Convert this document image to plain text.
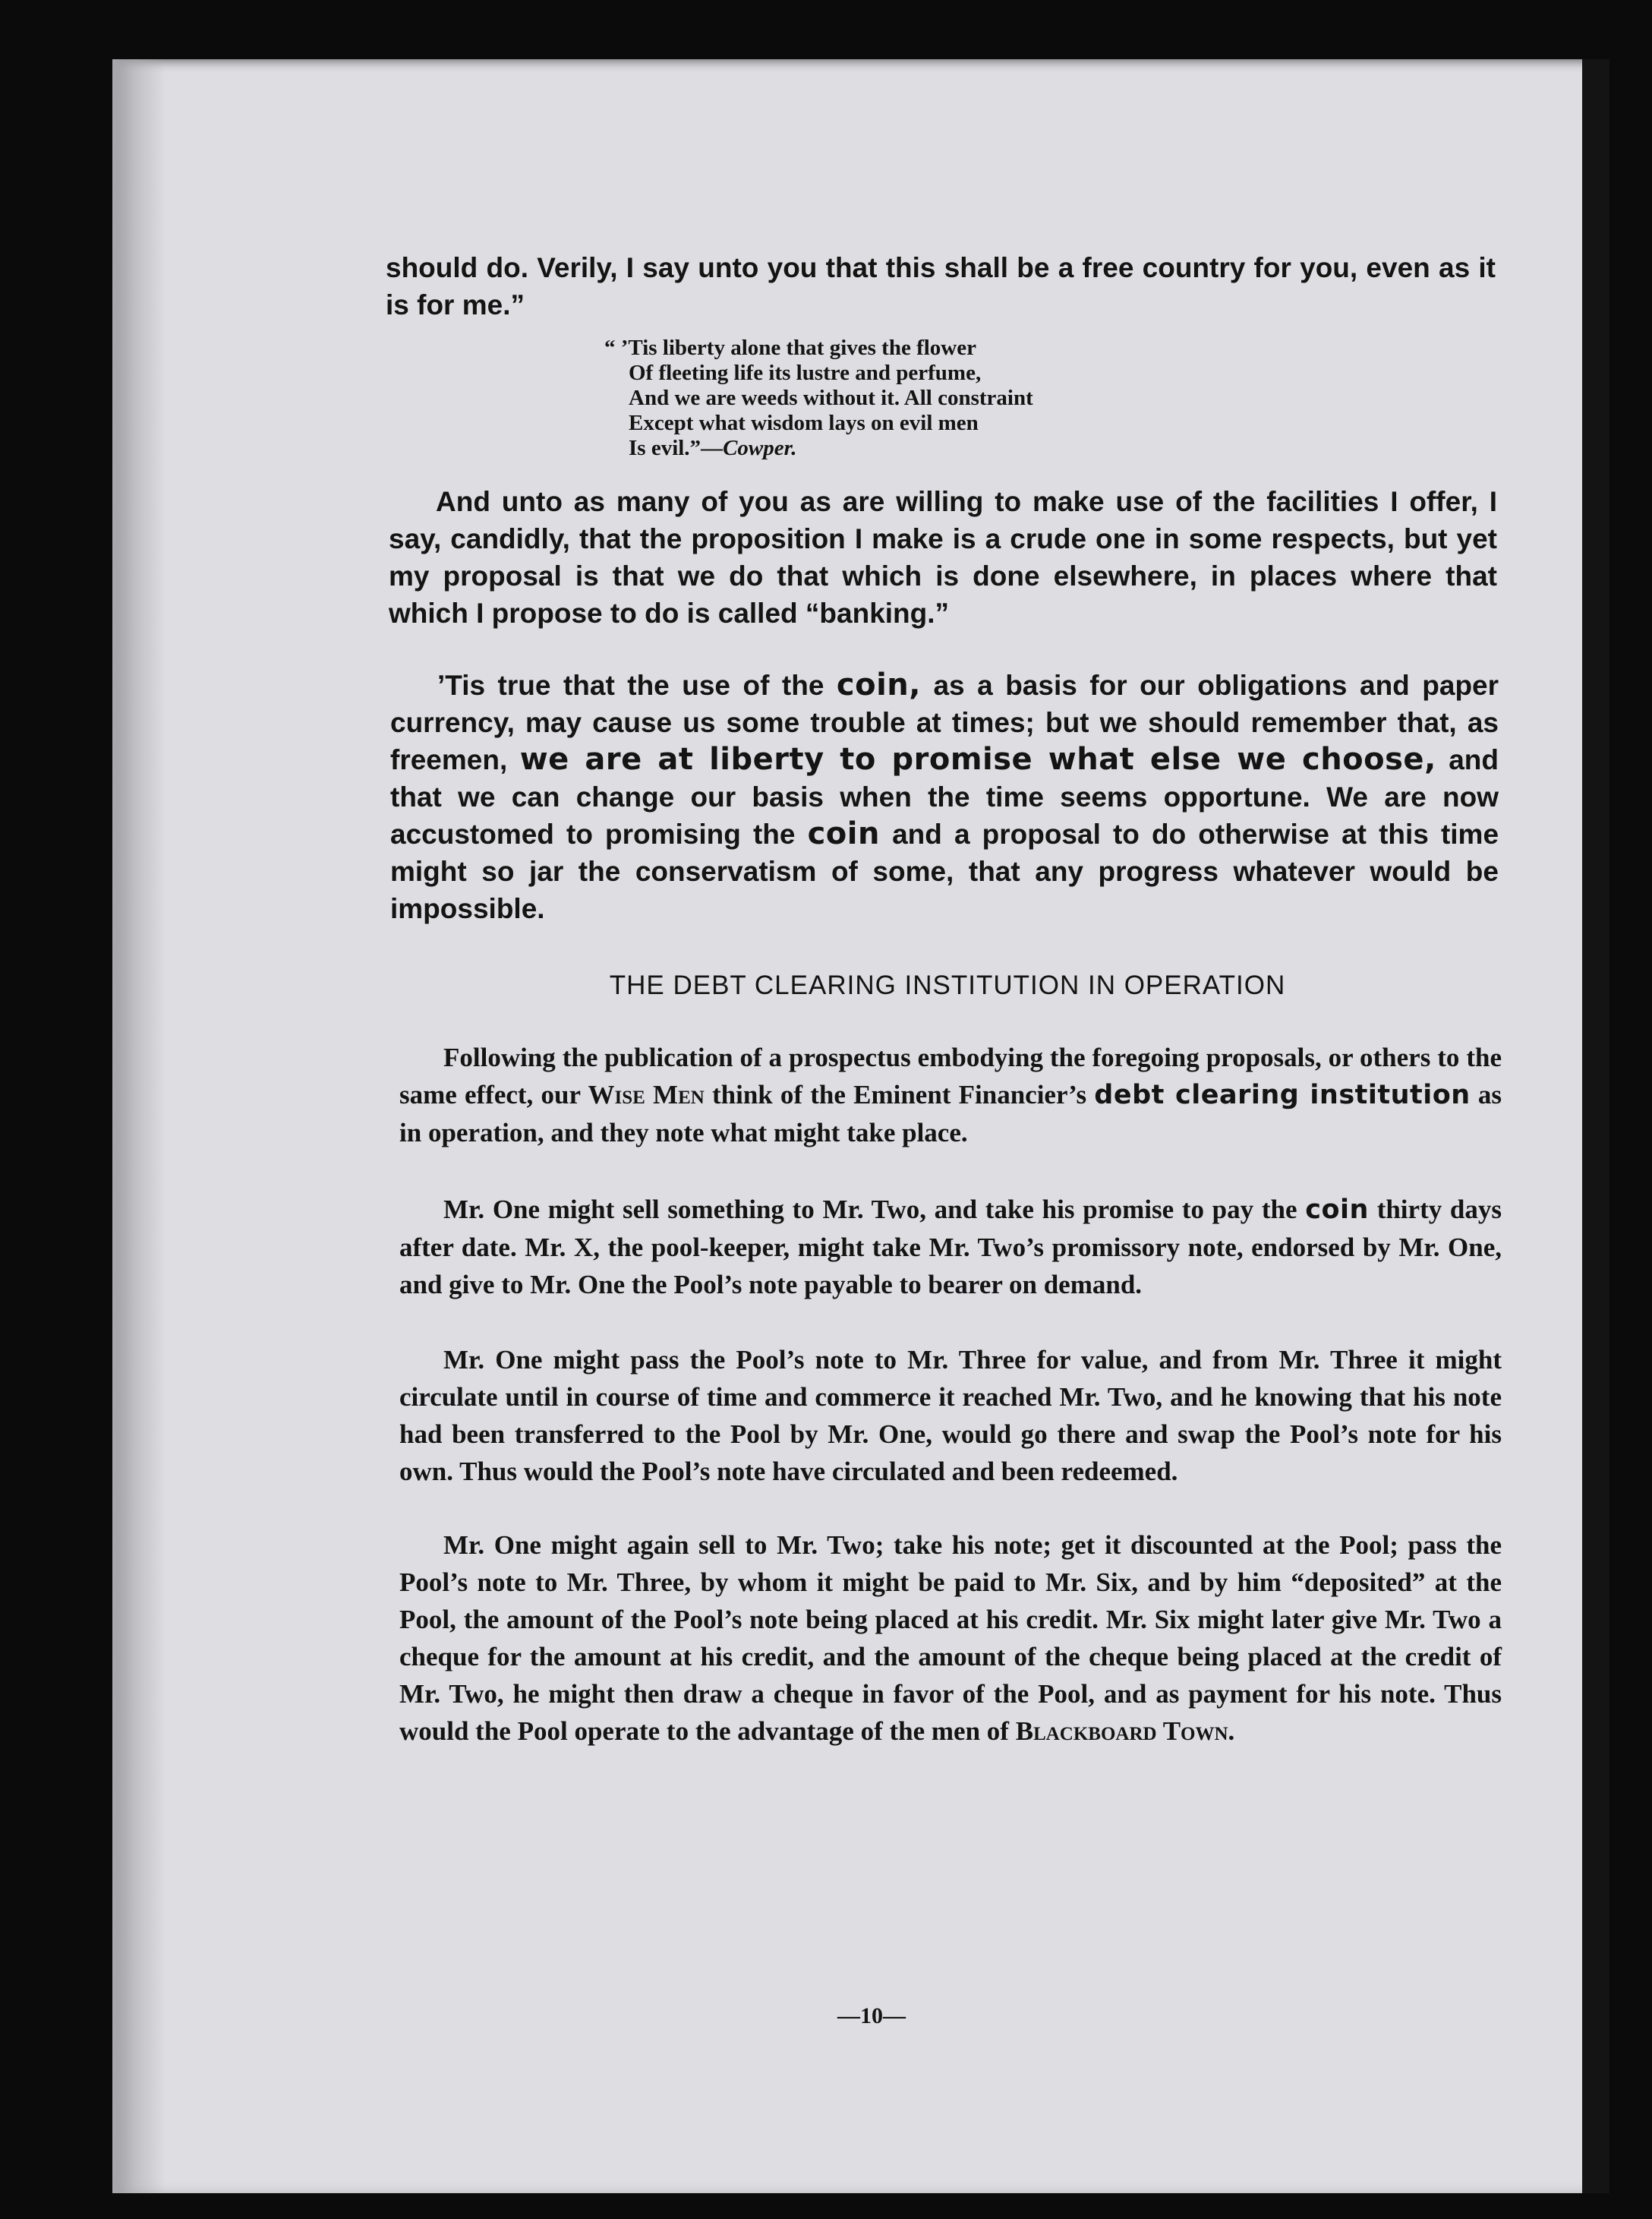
should do. Verily, I say unto you that this shall be a free country for you, even as it is for me.”

“ ’Tis liberty alone that gives the flower
Of fleeting life its lustre and perfume,
And we are weeds without it. All constraint
Except what wisdom lays on evil men
Is evil.”—Cowper.

And unto as many of you as are willing to make use of the facilities I offer, I say, candidly, that the proposition I make is a crude one in some respects, but yet my proposal is that we do that which is done elsewhere, in places where that which I propose to do is called “banking.”

’Tis true that the use of the coin, as a basis for our obligations and paper currency, may cause us some trouble at times; but we should remember that, as freemen, we are at liberty to promise what else we choose, and that we can change our basis when the time seems opportune. We are now accustomed to promising the coin and a proposal to do otherwise at this time might so jar the conservatism of some, that any progress whatever would be impossible.

THE DEBT CLEARING INSTITUTION IN OPERATION

Following the publication of a prospectus embodying the foregoing proposals, or others to the same effect, our Wise Men think of the Eminent Financier’s debt clearing institution as in operation, and they note what might take place.

Mr. One might sell something to Mr. Two, and take his promise to pay the coin thirty days after date. Mr. X, the pool-keeper, might take Mr. Two’s promissory note, endorsed by Mr. One, and give to Mr. One the Pool’s note payable to bearer on demand.

Mr. One might pass the Pool’s note to Mr. Three for value, and from Mr. Three it might circulate until in course of time and commerce it reached Mr. Two, and he knowing that his note had been transferred to the Pool by Mr. One, would go there and swap the Pool’s note for his own. Thus would the Pool’s note have circulated and been redeemed.

Mr. One might again sell to Mr. Two; take his note; get it discounted at the Pool; pass the Pool’s note to Mr. Three, by whom it might be paid to Mr. Six, and by him “deposited” at the Pool, the amount of the Pool’s note being placed at his credit. Mr. Six might later give Mr. Two a cheque for the amount at his credit, and the amount of the cheque being placed at the credit of Mr. Two, he might then draw a cheque in favor of the Pool, and as payment for his note. Thus would the Pool operate to the advantage of the men of Blackboard Town.

—10—
